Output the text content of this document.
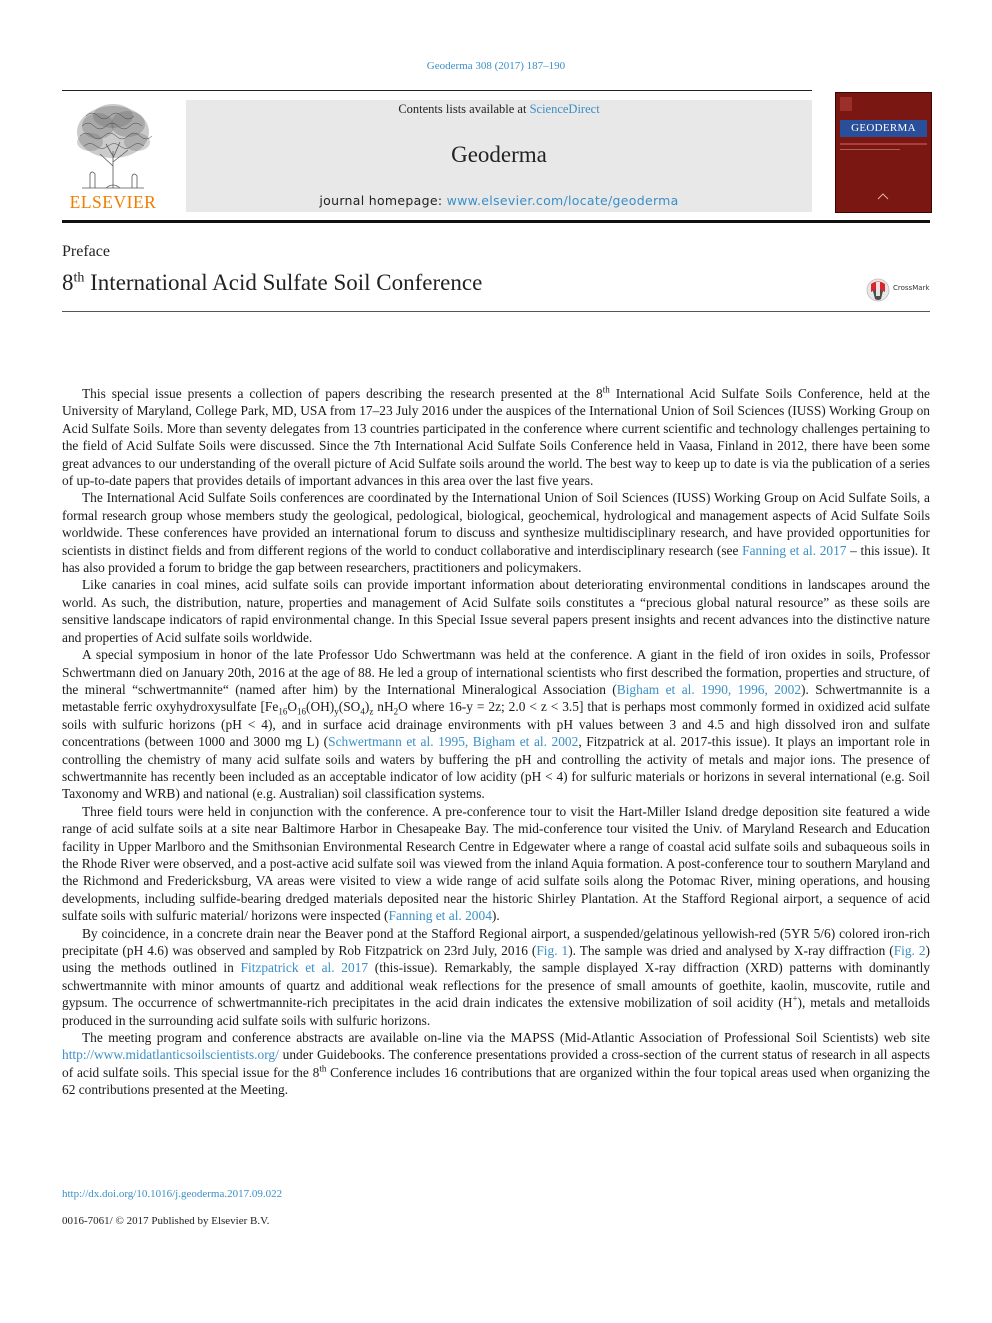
Geoderma 308 (2017) 187–190
ELSEVIER
Contents lists available at ScienceDirect
Geoderma
journal homepage: www.elsevier.com/locate/geoderma
GEODERMA
Preface
8th International Acid Sulfate Soil Conference	CrossMark

This special issue presents a collection of papers describing the research presented at the 8th International Acid Sulfate Soils Conference, held at the University of Maryland, College Park, MD, USA from 17–23 July 2016 under the auspices of the International Union of Soil Sciences (IUSS) Working Group on Acid Sulfate Soils. More than seventy delegates from 13 countries participated in the conference where current scientific and technology challenges pertaining to the field of Acid Sulfate Soils were discussed. Since the 7th International Acid Sulfate Soils Conference held in Vaasa, Finland in 2012, there have been some great advances to our understanding of the overall picture of Acid Sulfate soils around the world. The best way to keep up to date is via the publication of a series of up-to-date papers that provides details of important advances in this area over the last five years.

The International Acid Sulfate Soils conferences are coordinated by the International Union of Soil Sciences (IUSS) Working Group on Acid Sulfate Soils, a formal research group whose members study the geological, pedological, biological, geochemical, hydrological and management aspects of Acid Sulfate Soils worldwide. These conferences have provided an international forum to discuss and synthesize multidisciplinary research, and have provided opportunities for scientists in distinct fields and from different regions of the world to conduct collaborative and interdisciplinary research (see Fanning et al. 2017 – this issue). It has also provided a forum to bridge the gap between researchers, practitioners and policymakers.

Like canaries in coal mines, acid sulfate soils can provide important information about deteriorating environmental conditions in landscapes around the world. As such, the distribution, nature, properties and management of Acid Sulfate soils constitutes a “precious global natural resource” as these soils are sensitive landscape indicators of rapid environmental change. In this Special Issue several papers present insights and recent advances into the distinctive nature and properties of Acid sulfate soils worldwide.

A special symposium in honor of the late Professor Udo Schwertmann was held at the conference. A giant in the field of iron oxides in soils, Professor Schwertmann died on January 20th, 2016 at the age of 88. He led a group of international scientists who first described the formation, properties and structure, of the mineral “schwertmannite“ (named after him) by the International Mineralogical Association (Bigham et al. 1990, 1996, 2002). Schwertmannite is a metastable ferric oxyhydroxysulfate [$Fe_{16}O_{16}(OH)_y(SO_4)_z$ $nH_2O$ where 16-y = 2z; 2.0 < z < 3.5] that is perhaps most commonly formed in oxidized acid sulfate soils with sulfuric horizons (pH < 4), and in surface acid drainage environments with pH values between 3 and 4.5 and high dissolved iron and sulfate concentrations (between 1000 and 3000 mg L) (Schwertmann et al. 1995, Bigham et al. 2002, Fitzpatrick at al. 2017-this issue). It plays an important role in controlling the chemistry of many acid sulfate soils and waters by buffering the pH and controlling the activity of metals and major ions. The presence of schwertmannite has recently been included as an acceptable indicator of low acidity (pH < 4) for sulfuric materials or horizons in several international (e.g. Soil Taxonomy and WRB) and national (e.g. Australian) soil classification systems.

Three field tours were held in conjunction with the conference. A pre-conference tour to visit the Hart-Miller Island dredge deposition site featured a wide range of acid sulfate soils at a site near Baltimore Harbor in Chesapeake Bay. The mid-conference tour visited the Univ. of Maryland Research and Education facility in Upper Marlboro and the Smithsonian Environmental Research Centre in Edgewater where a range of coastal acid sulfate soils and subaqueous soils in the Rhode River were observed, and a post-active acid sulfate soil was viewed from the inland Aquia formation. A post-conference tour to southern Maryland and the Richmond and Fredericksburg, VA areas were visited to view a wide range of acid sulfate soils along the Potomac River, mining operations, and housing developments, including sulfide-bearing dredged materials deposited near the historic Shirley Plantation. At the Stafford Regional airport, a sequence of acid sulfate soils with sulfuric material/ horizons were inspected (Fanning et al. 2004).

By coincidence, in a concrete drain near the Beaver pond at the Stafford Regional airport, a suspended/gelatinous yellowish-red (5YR 5/6) colored iron-rich precipitate (pH 4.6) was observed and sampled by Rob Fitzpatrick on 23rd July, 2016 (Fig. 1). The sample was dried and analysed by X-ray diffraction (Fig. 2) using the methods outlined in Fitzpatrick et al. 2017 (this-issue). Remarkably, the sample displayed X-ray diffraction (XRD) patterns with dominantly schwertmannite with minor amounts of quartz and additional weak reflections for the presence of small amounts of goethite, kaolin, muscovite, rutile and gypsum. The occurrence of schwertmannite-rich precipitates in the acid drain indicates the extensive mobilization of soil acidity (H+), metals and metalloids produced in the surrounding acid sulfate soils with sulfuric horizons.

The meeting program and conference abstracts are available on-line via the MAPSS (Mid-Atlantic Association of Professional Soil Scientists) web site http://www.midatlanticsoilscientists.org/ under Guidebooks. The conference presentations provided a cross-section of the current status of research in all aspects of acid sulfate soils. This special issue for the 8th Conference includes 16 contributions that are organized within the four topical areas used when organizing the 62 contributions presented at the Meeting.

http://dx.doi.org/10.1016/j.geoderma.2017.09.022
0016-7061/ © 2017 Published by Elsevier B.V.
